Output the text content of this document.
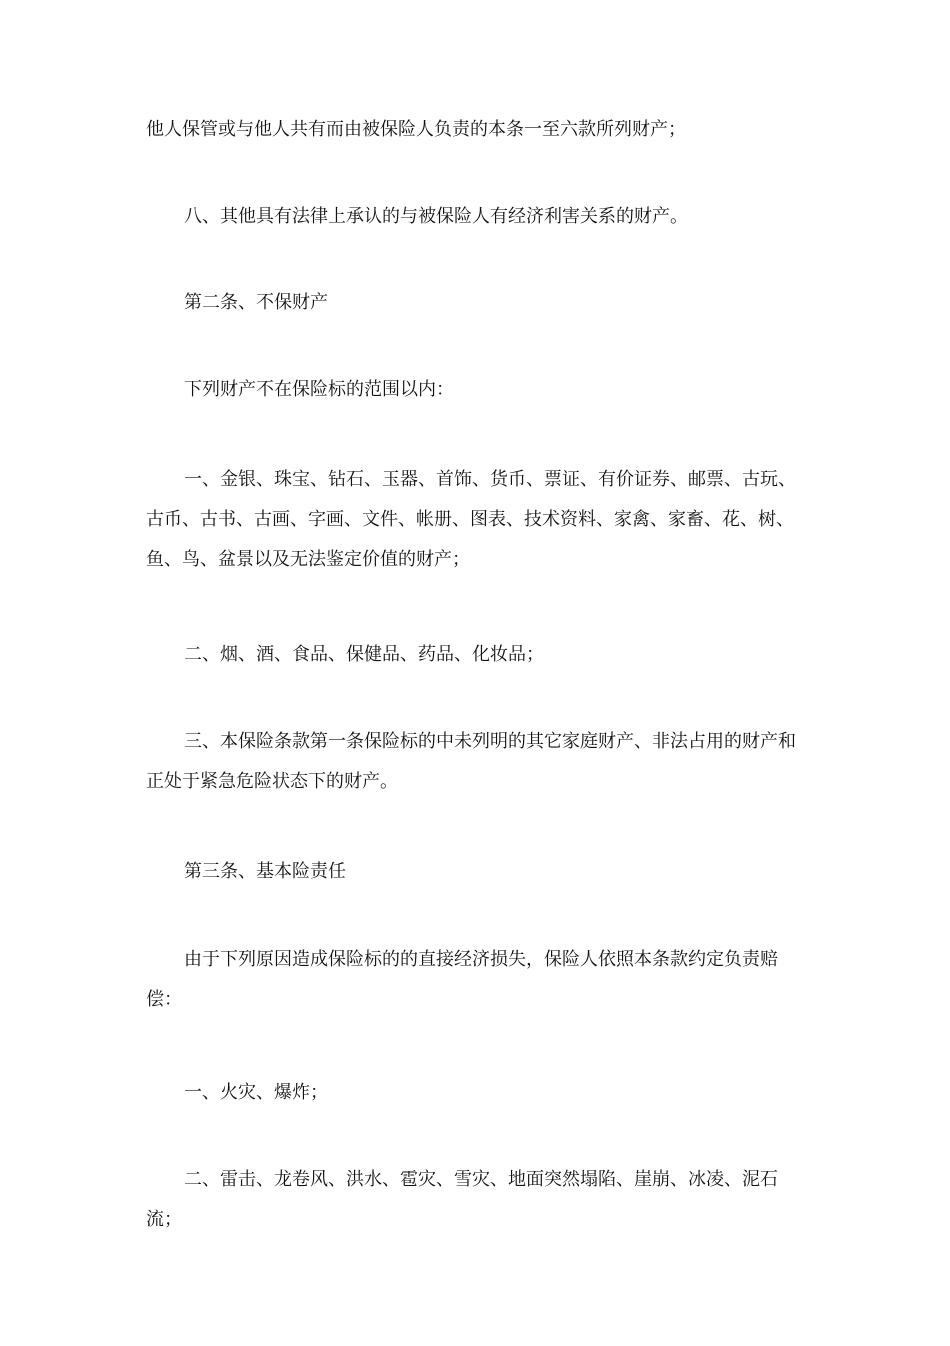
他人保管或与他人共有而由被保险人负责的本条一至六款所列财产；

八、其他具有法律上承认的与被保险人有经济利害关系的财产。

第二条、不保财产

下列财产不在保险标的范围以内：

一、金银、珠宝、钻石、玉器、首饰、货币、票证、有价证券、邮票、古玩、古币、古书、古画、字画、文件、帐册、图表、技术资料、家禽、家畜、花、树、鱼、鸟、盆景以及无法鉴定价值的财产；

二、烟、酒、食品、保健品、药品、化妆品；

三、本保险条款第一条保险标的中未列明的其它家庭财产、非法占用的财产和正处于紧急危险状态下的财产。

第三条、基本险责任

由于下列原因造成保险标的的直接经济损失，保险人依照本条款约定负责赔偿：

一、火灾、爆炸；

二、雷击、龙卷风、洪水、雹灾、雪灾、地面突然塌陷、崖崩、冰凌、泥石流；
